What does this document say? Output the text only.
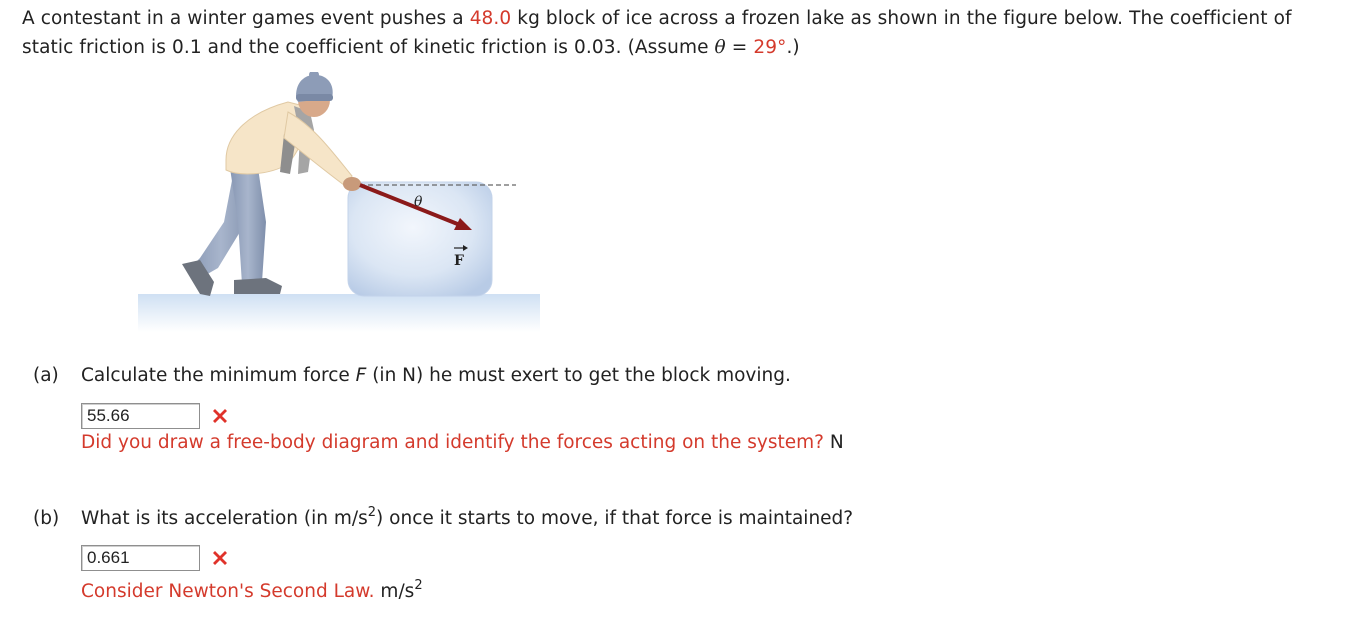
A contestant in a winter games event pushes a 48.0 kg block of ice across a frozen lake as shown in the figure below. The coefficient of
static friction is 0.1 and the coefficient of kinetic friction is 0.03. (Assume θ = 29°.)
θ
F
(a) Calculate the minimum force F (in N) he must exert to get the block moving.
55.66
Did you draw a free-body diagram and identify the forces acting on the system? N
(b) What is its acceleration (in $m/s^2$) once it starts to move, if that force is maintained?
0.661
Consider Newton's Second Law. $m/s^2$
